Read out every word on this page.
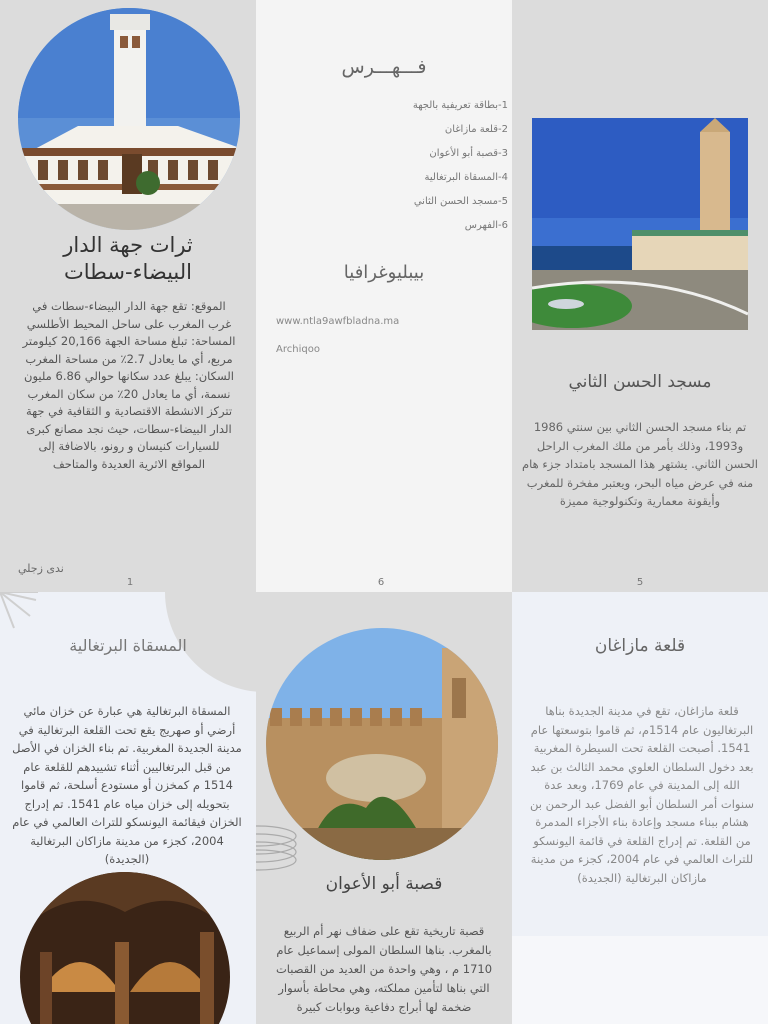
ثرات جهة الدار
البيضاء-سطات

الموقع: تقع جهة الدار البيضاء-سطات في غرب المغرب على ساحل المحيط الأطلسي

المساحة: تبلغ مساحة الجهة 20,166 كيلومتر مربع، أي ما يعادل 2.7٪ من مساحة المغرب

السكان: يبلغ عدد سكانها حوالي 6.86 مليون نسمة، أي ما يعادل 20٪ من سكان المغرب

تتركز الانشطة الاقتصادية و الثقافية في جهة الدار البيضاء-سطات، حيث نجد مصانع كبرى للسيارات كنيسان و رونو، بالاضافة إلى المواقع الاثرية العديدة والمتاحف

ندى زجلي
1
فـــهـــرس
1-بطاقة تعريفية بالجهة
2-قلعة مازاغان
3-قصبة أبو الأعوان
4-المسقاة البرتغالية
5-مسجد الحسن الثاني
6-الفهرس
بيبليوغرافيا
www.ntla9awfbladna.ma
Archiqoo
6
مسجد الحسن الثاني
تم بناء مسجد الحسن الثاني بين سنتي 1986 و1993، وذلك بأمر من ملك المغرب الراحل الحسن الثاني. يشتهر هذا المسجد بامتداد جزء هام منه في عرض مياه البحر، ويعتبر مفخرة للمغرب وأيقونة معمارية وتكنولوجية مميزة
5
المسقاة البرتغالية
المسقاة البرتغالية هي عبارة عن خزان مائي أرضي أو صهريج يقع تحت القلعة البرتغالية في مدينة الجديدة المغربية. تم بناء الخزان في الأصل من قبل البرتغاليين أثناء تشييدهم للقلعة عام 1514 م كمخزن أو مستودع أسلحة، ثم قاموا بتحويله إلى خزان مياه عام 1541. تم إدراج الخزان فيقائمة اليونسكو للتراث العالمي في عام 2004، كجزء من مدينة مازاكان البرتغالية (الجديدة)
قصبة أبو الأعوان
قصبة تاريخية تقع على ضفاف نهر أم الربيع بالمغرب. بناها السلطان المولى إسماعيل عام 1710 م ، وهي واحدة من العديد من القصبات التي بناها لتأمين مملكته، وهي محاطة بأسوار ضخمة لها أبراج دفاعية وبوابات كبيرة
قلعة مازاغان
قلعة مازاغان، تقع في مدينة الجديدة بناها البرتغاليون عام 1514م، ثم قاموا بتوسعتها عام 1541. أصبحت القلعة تحت السيطرة المغربية بعد دخول السلطان العلوي محمد الثالث بن عبد الله إلى المدينة في عام 1769، وبعد عدة سنوات أمر السلطان أبو الفضل عبد الرحمن بن هشام ببناء مسجد وإعادة بناء الأجزاء المدمرة من القلعة. تم إدراج القلعة في قائمة اليونسكو للتراث العالمي في عام 2004، كجزء من مدينة مازاكان البرتغالية (الجديدة)
